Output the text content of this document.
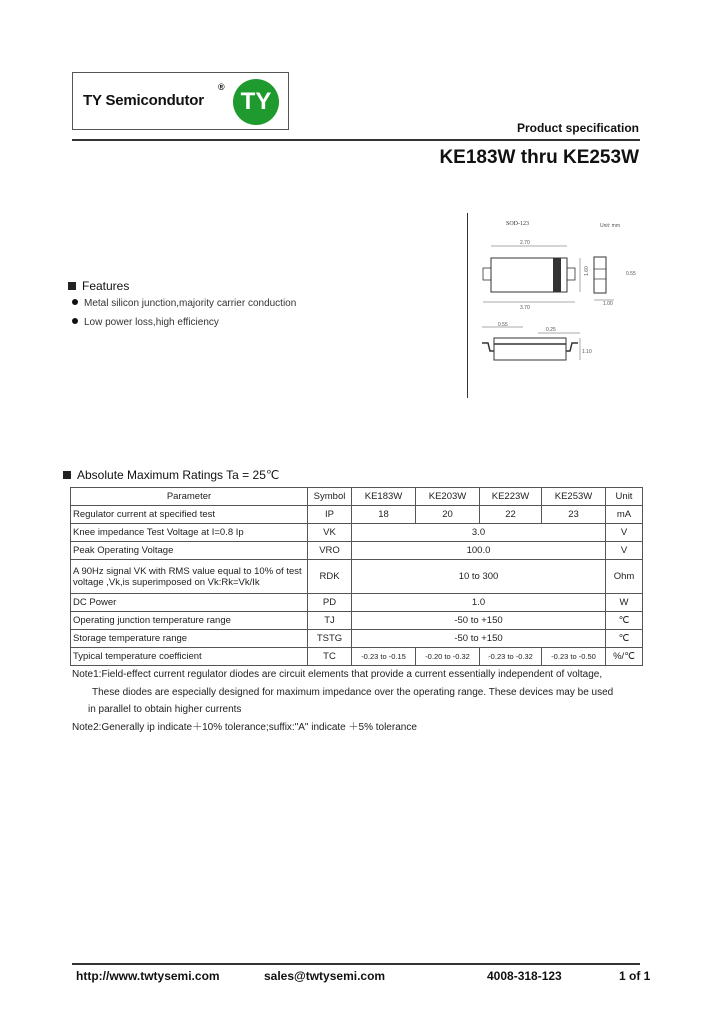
TY Semicondutor
®
TY
Product specification
KE183W thru KE253W
SOD-123	Unit: mm
2.70
3.70
1.60
1.00
0.55
0.55
0.25
1.10
Features
Metal silicon junction,majority carrier conduction
Low power loss,high efficiency
Absolute Maximum Ratings Ta = 25℃
Parameter	Symbol	KE183W	KE203W	KE223W	KE253W	Unit
Regulator current at specified test	IP	18	20	22	23	mA
Knee impedance Test Voltage at I=0.8 Ip	VK	3.0				V
Peak Operating Voltage	VRO	100.0				V
A 90Hz signal VK with RMS value equal to 10% of test voltage ,Vk,is superimposed on Vk:Rk=Vk/Ik	RDK	10 to 300				Ohm
DC Power	PD	1.0				W
Operating junction temperature range	TJ	-50 to +150				℃
Storage temperature range	TSTG	-50 to +150				℃
Typical temperature coefficient	TC	-0.23 to -0.15	-0.20 to -0.32	-0.23 to -0.32	-0.23 to -0.50	%/℃
Note1:Field-effect current regulator diodes are circuit elements that provide a current essentially independent of voltage,
These diodes are especially designed for maximum impedance over the operating range. These devices may be used
in parallel to obtain higher currents
Note2:Generally ip indicate＋10% tolerance;suffix:"A" indicate ＋5% tolerance
http://www.twtysemi.com	sales@twtysemi.com	4008-318-123	1 of 1
